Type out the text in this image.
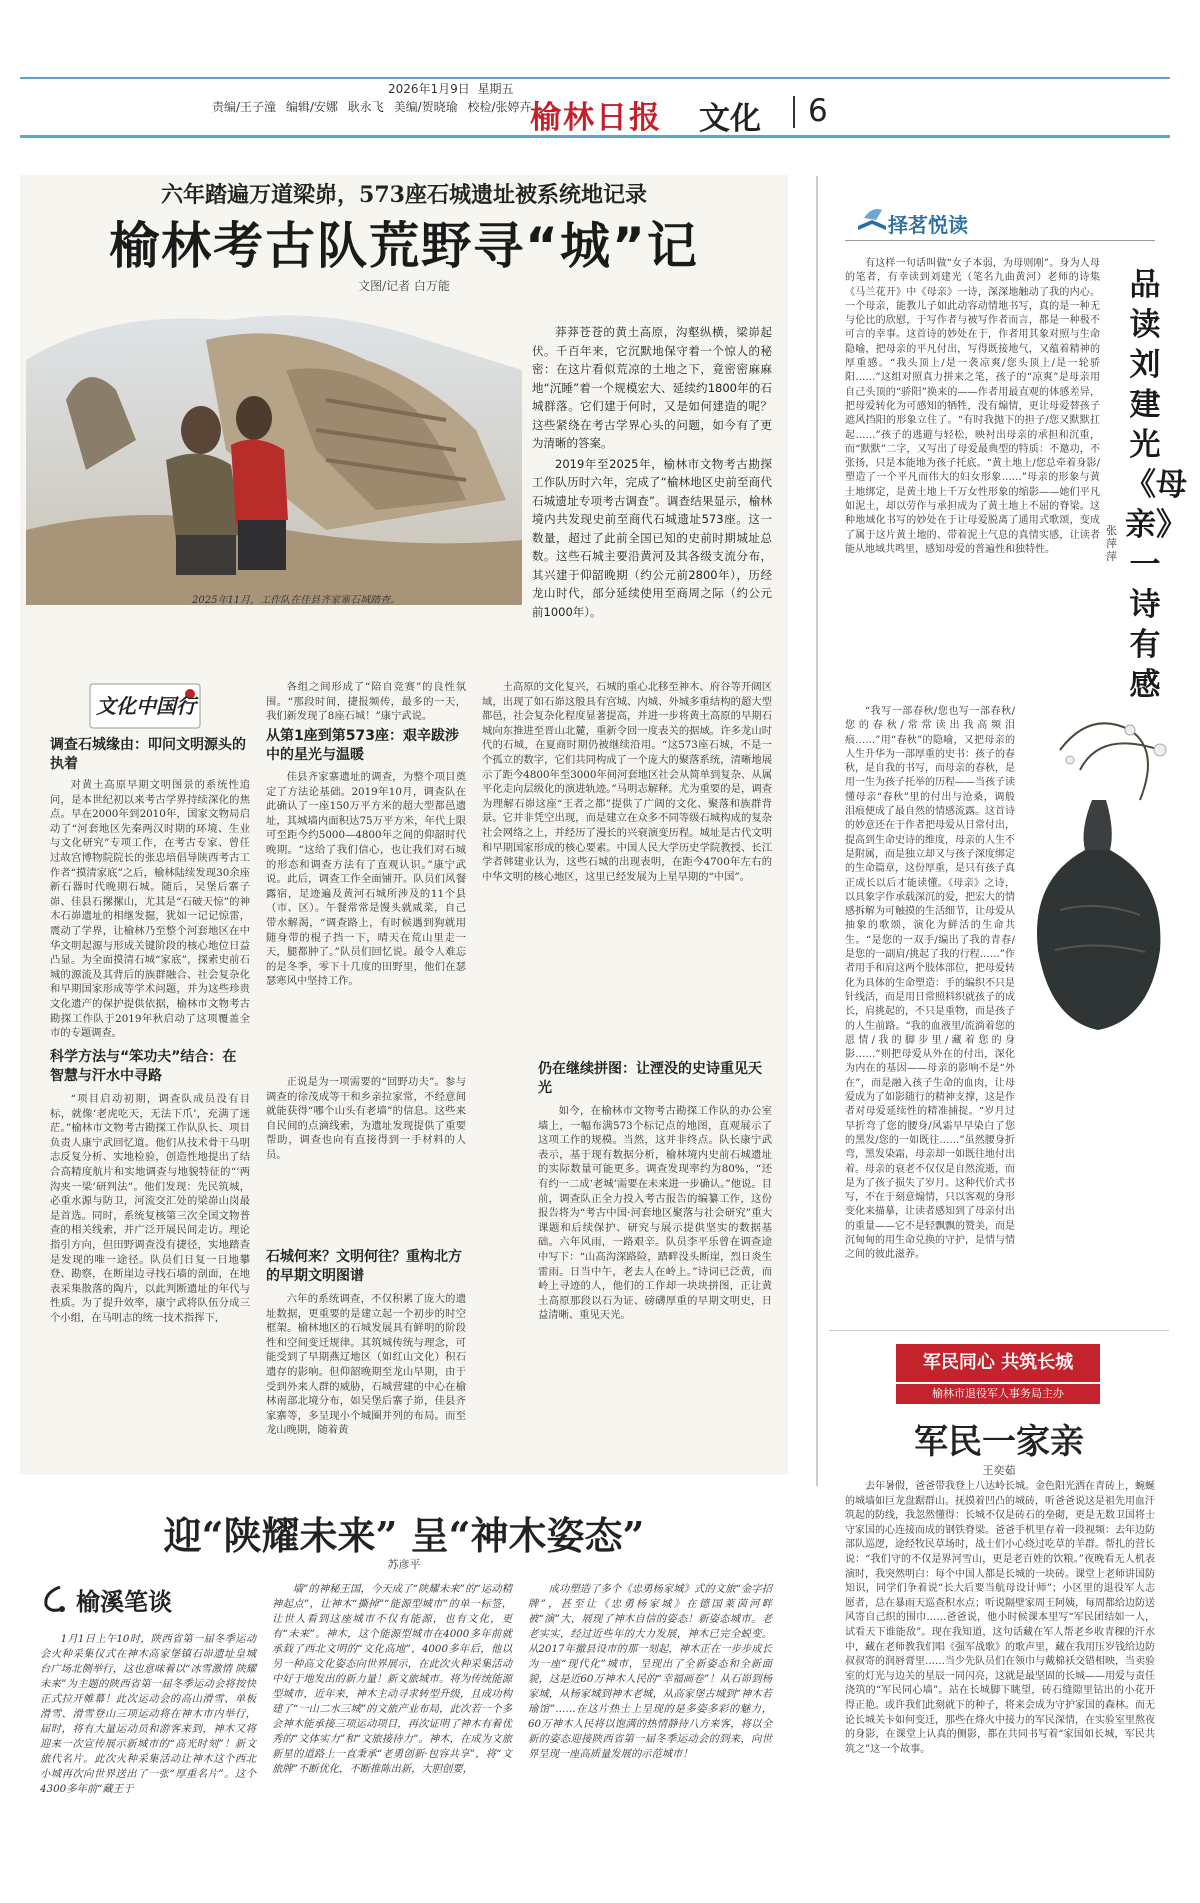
责编/王子潼 编辑/安娜 耿永飞 美编/贺晓瑜 校检/张婷卉
2026年1月9日 星期五
榆林日报 文化 6
六年踏遍万道梁峁，573座石城遗址被系统地记录
榆林考古队荒野寻“城”记
文图/记者 白万能
2025年11月，工作队在佳县齐家寨石城踏查。

莽莽苍苍的黄土高原，沟壑纵横，梁峁起伏。千百年来，它沉默地保守着一个惊人的秘密：在这片看似荒凉的土地之下，竟密密麻麻地“沉睡”着一个规模宏大、延续约1800年的石城群落。它们建于何时，又是如何建造的呢？这些紧绕在考古学界心头的问题，如今有了更为清晰的答案。

2019年至2025年，榆林市文物考古勘探工作队历时六年，完成了“榆林地区史前至商代石城遗址专项考古调查”。调查结果显示，榆林境内共发现史前至商代石城遗址573座。这一数量，超过了此前全国已知的史前时期城址总数。这些石城主要沿黄河及其各级支流分布，其兴建于仰韶晚期（约公元前2800年），历经龙山时代，部分延续使用至商周之际（约公元前1000年）。

文化中国行
调查石城缘由：叩问文明源头的执着

对黄土高原早期文明图景的系统性追问，是本世纪初以来考古学界持续深化的焦点。早在2000年到2010年，国家文物局启动了“河套地区先秦两汉时期的环境、生业与文化研究”专项工作，在考古专家、曾任过故宫博物院院长的张忠培倡导陕西考古工作者“摸清家底”之后，榆林陆续发现30余座新石器时代晚期石城。随后，吴堡后寨子峁、佳县石摞摞山，尤其是“石破天惊”的神木石峁遗址的相继发掘，犹如一记记惊雷，震动了学界，让榆林乃至整个河套地区在中华文明起源与形成关键阶段的核心地位日益凸显。为全面摸清石城“家底”，探索史前石城的源流及其背后的族群融合、社会复杂化和早期国家形成等学术问题，并为这些珍贵文化遗产的保护提供依据，榆林市文物考古勘探工作队于2019年秋启动了这项覆盖全市的专题调查。

科学方法与“笨功夫”结合：在智慧与汗水中寻路

“项目启动初期，调查队成员没有目标，就像‘老虎吃天，无法下爪’，充满了迷茫。”榆林市文物考古勘探工作队队长、项目负责人康宁武回忆道。他们从技术骨干马明志反复分析、实地检验，创造性地提出了结合高精度航片和实地调查与地貌特征的“‘两沟夹一梁’研判法”。他们发现：先民筑城，必重水源与防卫，河流交汇处的梁峁山岗最是首选。同时，系统复核第三次全国文物普查的相关线索，并广泛开展民间走访。理论指引方向，但田野调查没有捷径，实地踏查是发现的唯一途径。队员们日复一日地攀登、勘察，在断崖边寻找石墙的剖面，在地表采集散落的陶片，以此判断遗址的年代与性质。为了提升效率，康宁武将队伍分成三个小组，在马明志的统一技术指挥下，

各组之间形成了“陪自竞赛”的良性氛围。“那段时间，捷报频传，最多的一天，我们新发现了8座石城！”康宁武说。

从第1座到第573座：艰辛跋涉中的星光与温暖

佳县齐家寨遗址的调查，为整个项目奠定了方法论基础。2019年10月，调查队在此确认了一座150万平方米的超大型都邑遗址，其城墙内面积达75万平方米，年代上限可至距今约5000—4800年之间的仰韶时代晚期。“这给了我们信心，也让我们对石城的形态和调查方法有了直观认识。”康宁武说。此后，调查工作全面铺开。队员们风餐露宿，足迹遍及黄河石城所涉及的11个县（市、区）。午餐常常是馒头就咸菜，自己带水解渴，“调查路上，有时候遇到狗就用随身带的棍子挡一下，晴天在荒山里走一天，腿都肿了。”队员们回忆说。最令人难忘的是冬季，零下十几度的田野里，他们在瑟瑟寒风中坚持工作。

正说是为一项需要的“回野功夫”。参与调查的徐茂成等干和乡亲拉家常，不经意间就能获得“哪个山头有老墙”的信息。这些来自民间的点滴线索，为遗址发现提供了重要帮助，调查也向有直接得到一手材料的人员。

石城何来？文明何往？重构北方的早期文明图谱

六年的系统调查，不仅积累了庞大的遗址数据，更重要的是建立起一个初步的时空框架。榆林地区的石城发展具有鲜明的阶段性和空间变迁规律。其筑城传统与理念，可能受到了早期燕辽地区（如红山文化）积石遗存的影响。但仰韶晚期至龙山早期，由于受到外来人群的威胁，石城营建的中心在榆林南部北境分布，如吴堡后寨子峁，佳县齐家寨等，多呈现小个城圈并列的布局。而至龙山晚期，随着黄

土高原的文化复兴，石城的重心北移至神木、府谷等开阔区域，出现了如石峁这般具有宫城、内城、外城多重结构的超大型都邑，社会复杂化程度显著提高，并进一步将黄土高原的早期石城向东推进至晋山北麓，重新令回一度表关的据域。许多龙山时代的石城，在夏商时期仍被继续沿用。“这573座石城，不是一个孤立的数字，它们共同构成了一个庞大的聚落系统，清晰地展示了距今4800年至3000年间河套地区社会从简单到复杂、从属平化走向层级化的演进轨迹。”马明志解释。尤为重要的是，调查为理解石峁这座“王者之都”提供了广阔的文化、聚落和族群背景。它并非凭空出现，而是建立在众多不同等级石城构成的复杂社会网络之上，并经历了漫长的兴衰演变历程。城址是古代文明和早期国家形成的核心要素。中国人民大学历史学院教授、长江学者韩建业认为，这些石城的出现表明，在距今4700年左右的中华文明的核心地区，这里已经发展为上星早期的“中国”。

仍在继续拼图：让湮没的史诗重见天光

如今，在榆林市文物考古勘探工作队的办公室墙上，一幅布满573个标记点的地图，直观展示了这项工作的规模。当然，这并非终点。队长康宁武表示，基于现有数据分析，榆林境内史前石城遗址的实际数量可能更多。调查发现率约为80%，“还有约一二成‘老城’需要在未来进一步确认。”他说。目前，调查队正全力投入考古报告的编纂工作，这份报告将为“考古中国·河套地区聚落与社会研究”重大课题和后续保护、研究与展示提供坚实的数据基础。六年风雨，一路艰辛。队员李平乐曾在调查途中写下：“山高沟深路险，踏畔没头断崖，烈日炎生雷雨。日当中午，老去人在岭上。”诗词已泛黄，而岭上寻迹的人，他们的工作却一块块拼图，正让黄土高原那段以石为证、磅礴厚重的早期文明史，日益清晰、重见天光。

择茗悦读
品读刘建光《母亲》一诗有感
张萍萍

有这样一句话叫做“女子本弱，为母则刚”。身为人母的笔者，有幸读到刘建光（笔名九曲黄河）老师的诗集《马兰花开》中《母亲》一诗，深深地触动了我的内心。一个母亲，能教儿子如此动容动情地书写，真的是一种无与伦比的欣慰，于写作者与被写作者而言，都是一种极不可言的幸事。这首诗的妙处在于，作者用其象对照与生命隐喻，把母亲的平凡付出，写得既接地气，又蕴着精神的厚重感。“我头顶上/是一袭凉爽/您头顶上/是一轮骄阳……”这组对照真力拼来之笔，孩子的“凉爽”是母亲用自己头顶的“骄阳”换来的——作者用最直观的体感差异，把母爱转化为可感知的牺牲，没有煽情，更让母爱替孩子遮风挡阳的形象立住了。“有时我抛下的担子/您又默默扛起……”孩子的逃避与轻松，映衬出母亲的承担和沉重，而“默默”二字，又写出了母爱最典型的特质：不邀功，不张扬，只是本能地为孩子托底。“黄土地上/您总牵着身影/塑造了一个平凡而伟大的妇女形象……”母亲的形象与黄土地绑定，是黄土地上千万女性形象的缩影——她们平凡如泥土，却以劳作与承担成为了黄土地上不屈的脊梁。这种地域化书写的妙处在于让母爱脱离了通用式歌颂，变成了属于这片黄土地的、带着泥土气息的真情实感，让读者能从地域共鸣里，感知母爱的普遍性和独特性。

“我写一部春秋/您也写一部春秋/您的春秋/常常读出我高频泪痕……”用“春秋”的隐喻，又把母亲的人生升华为一部厚重的史书：孩子的春秋，是自我的书写，而母亲的春秋，是用一生为孩子托举的历程——当孩子读懂母亲“春秋”里的付出与沧桑，调般泪痕便成了最自然的情感流露。这首诗的妙意还在于作者把母爱从日常付出，提高到生命史诗的维度，母亲的人生不是附属，而是独立却又与孩子深度绑定的生命篇章，这份厚重，是只有孩子真正成长以后才能读懂。《母亲》之诗，以具象字作承载深沉的爱，把宏大的情感拆解为可触摸的生活细节，让母爱从抽象的歌颂，演化为鲜活的生命共生。“是您的一双手/编出了我的青春/是您的一副肩/挑起了我的行程……”作者用手和肩这两个肢体部位，把母爱转化为具体的生命塑造：手的编织不只是针线活，而是用日常照料织就孩子的成长，肩挑起的，不只是重物，而是孩子的人生前路。“我的血液里/流淌着您的恩情/我的脚步里/藏着您的身影……”则把母爱从外在的付出，深化为内在的基因——母亲的影响不是“外在”，而是融入孩子生命的血肉，让母爱成为了如影随行的精神支撑，这是作者对母爱延续性的精准捕捉。“岁月过早折弯了您的腰身/风霜早早染白了您的黑发/您的一如既往……”虽然腰身折弯，黑发染霜，母亲却一如既往地付出着。母亲的衰老不仅仅是自然流逝，而是为了孩子损失了岁月。这种代价式书写，不在于刻意煽情，只以客观的身形变化来描摹，让读者感知到了母亲付出的重量——它不是轻飘飘的赞美，而是沉甸甸的用生命兑换的守护，是情与情之间的彼此滋养。

军民同心 共筑长城
榆林市退役军人事务局主办
军民一家亲
王奕茹

去年暑假，爸爸带我登上八达岭长城。金色阳光洒在青砖上，蜿蜒的城墙如巨龙盘踞群山。抚摸着凹凸的城砖，听爸爸说这是祖先用血汗筑起的防线，我忽然懂得：长城不仅是砖石的垒砌，更是无数卫国将士守家国的心连接而成的钢铁脊梁。爸爸手机里存着一段视频：去年边防部队巡逻，途经牧民草场时，战士们小心绕过吃草的羊群。帮扎的营长说：“我们守的不仅是界河雪山，更是老百姓的饮粮。”夜晚看无人机表演时，我突然明白：每个中国人都是长城的一块砖。课堂上老师讲国防知识，同学们争着说“长大后要当航母设计师”；小区里的退役军人志愿者，总在暴雨天巡查积水点；听说隔壁家周王阿姨，每周都给边防送风寄自己织的围巾……爸爸说，他小时候课本里写“军民团结如一人，试看天下谁能敌”。现在我知道，这句话藏在军人帮老乡收青稞的汗水中，藏在老师教我们唱《强军战歌》的歌声里，藏在我用压岁钱给边防叔叔寄的润唇膏里……当少先队员们在领巾与戴棉袄交错相映，当卖验室的灯光与边关的星辰一同闪亮，这就是最坚固的长城——用爱与责任浇筑的“军民同心墙”。站在长城脚下眺望，砖石缝隙里钻出的小花开得正艳。或许我们此刻就下的种子，将来会成为守护家国的森林。而无论长城关卡如何变迁，那些在烽火中接力的军民深情，在实验室里熬夜的身影，在课堂上认真的侧影，都在共同书写着“家国如长城，军民共筑之”这一个故事。

迎“陕耀未来” 呈“神木姿态”
苏彦平
榆溪笔谈

1月1日上午10时，陕西省第一届冬季运动会火种采集仪式在神木高家堡镇石峁遗址皇城台广场北侧举行，这也意味着以“冰雪激情 陕耀未来”为主题的陕西省第一届冬季运动会将按快正式拉开帷幕！此次运动会的高山滑雪、单板滑雪、滑雪登山三项运动将在神木市内举行，届时，将有大量运动员和游客来到，神木又将迎来一次宣传展示新城市的“高光时刻”！新文旅代名片。此次火种采集活动让神木这个西北小城再次向世界送出了一张“厚重名片”。这个4300多年前“藏王于

墙”的神秘王国，今天成了“陕耀未来”的“运动精神起点”，让神木“撕掉”“能源型城市”的单一标签，让世人看到这座城市不仅有能源，也有文化，更有“未来”。神木，这个能源型城市在4000多年前就承载了西北文明的“文化高地”，4000多年后，他以另一种高文化姿态向世界展示，在此次火种采集活动中好于地发出的新力量！新文旅城市。将为传统能源型城市，近年来，神木主动寻求转型升级，且成功构建了“一山二水三城”的文旅产业布局，此次若一个多会神木能承接三项运动项目，再次证明了神木有着优秀的“文体实力”和“文旅接待力”。神木，在成为文旅新星的道路上一直秉承“老勇创新·包容共享”，将“文旅牌”不断优化，不断推陈出新，大胆创要，

成功塑造了多个《忠勇杨家城》式的文旅“金字招牌”，甚至让《忠勇杨家城》在德国莱茵河畔被“演”大，展现了神木自信的姿态！新姿态城市。老老实实，经过近些年的大力发展，神木已完全蜕变。从2017年撤县设市的那一刻起，神木正在一步步成长为一座“现代化”城市，呈现出了全新姿态和全新面貌，这是近60万神木人民的“幸福画卷”！从石峁到杨家城，从杨家城到神木老城，从高家堡古城到“神木若瑜馆”……在这片热土上呈现的是多姿多彩的魅力，60万神木人民将以饱满的热情静待八方来客，将以全新的姿态迎接陕西省第一届冬季运动会的到来，向世界呈现一座高质量发展的示范城市！
